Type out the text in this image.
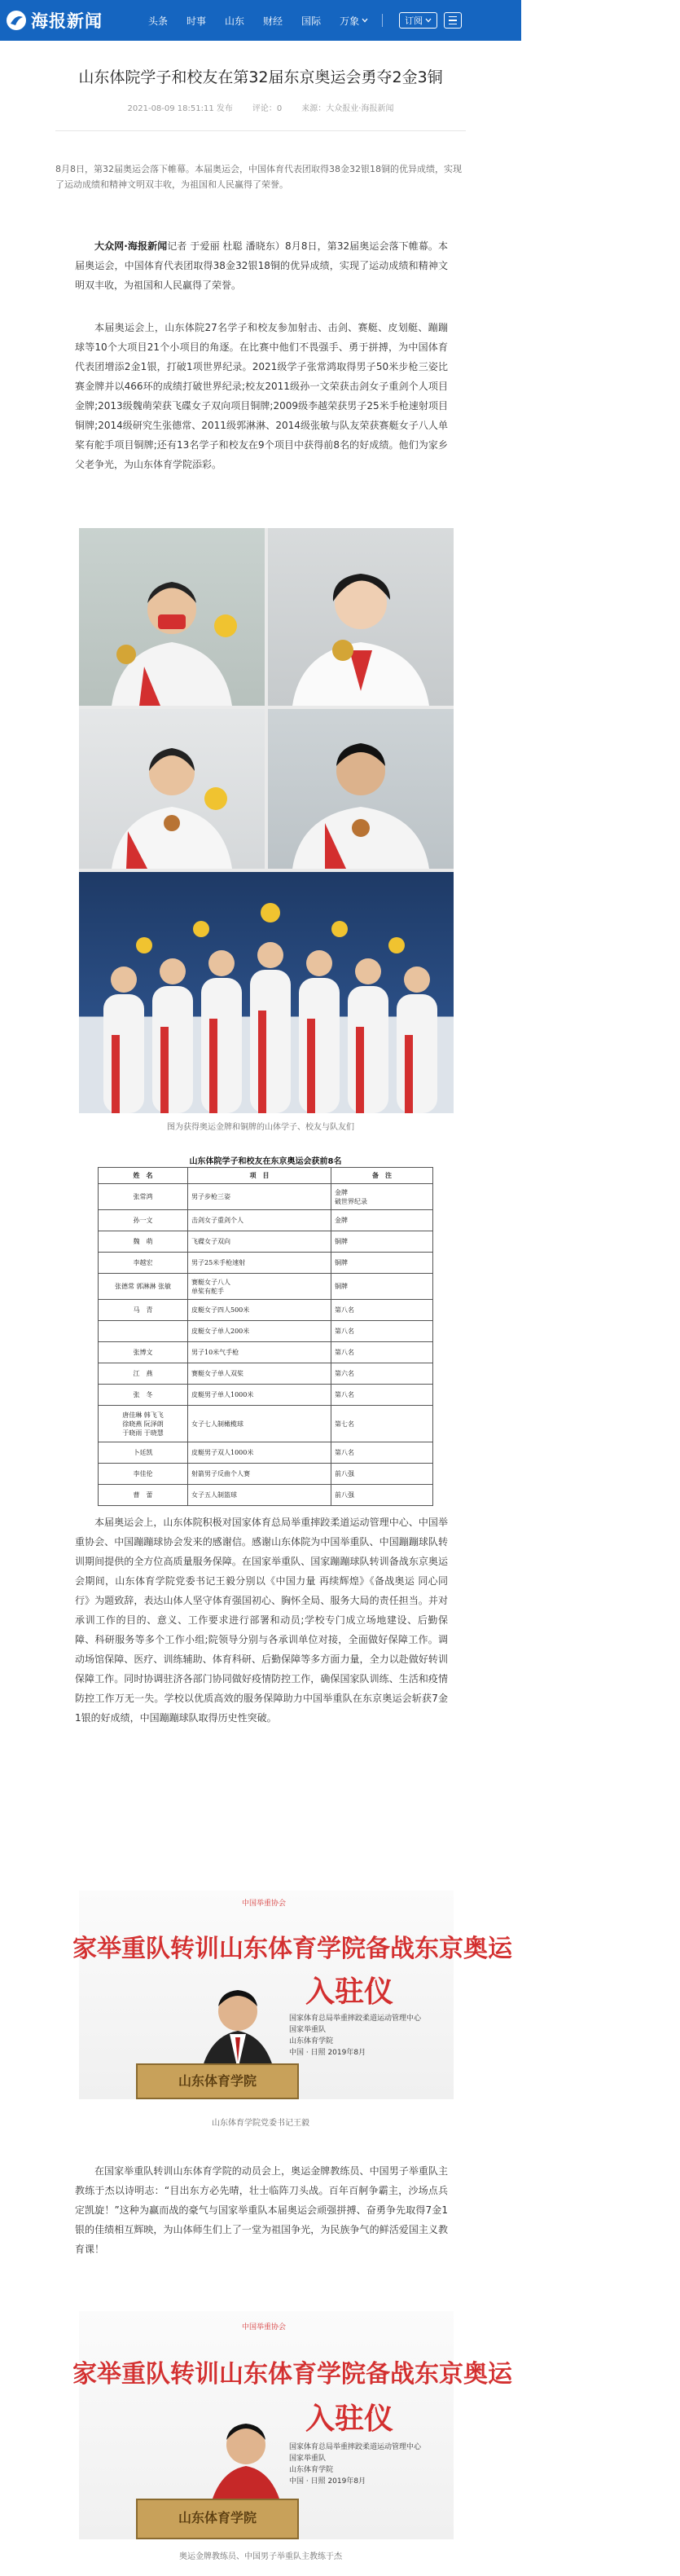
海报新闻	头条 时事 山东 财经 国际 万象	订阅
山东体院学子和校友在第32届东京奥运会勇夺2金3铜
2021-08-09 18:51:11 发布 评论：0 来源：大众报业·海报新闻
8月8日，第32届奥运会落下帷幕。本届奥运会，中国体育代表团取得38金32银18铜的优异成绩，实现了运动成绩和精神文明双丰收，为祖国和人民赢得了荣誉。
大众网·海报新闻记者 于爱丽 杜聪 潘晓东）8月8日，第32届奥运会落下帷幕。本届奥运会，中国体育代表团取得38金32银18铜的优异成绩，实现了运动成绩和精神文明双丰收，为祖国和人民赢得了荣誉。
本届奥运会上，山东体院27名学子和校友参加射击、击剑、赛艇、皮划艇、蹦蹦球等10个大项目21个小项目的角逐。在比赛中他们不畏强手、勇于拼搏，为中国体育代表团增添2金1银，打破1项世界纪录。2021级学子张常鸿取得男子50米步枪三姿比赛金牌并以466环的成绩打破世界纪录;校友2011级孙一文荣获击剑女子重剑个人项目金牌;2013级魏萌荣获飞碟女子双向项目铜牌;2009级李越荣获男子25米手枪速射项目铜牌;2014级研究生张德常、2011级郭淋淋、2014级张敏与队友荣获赛艇女子八人单桨有舵手项目铜牌;还有13名学子和校友在9个项目中获得前8名的好成绩。他们为家乡父老争光，为山东体育学院添彩。
图为获得奥运金牌和铜牌的山体学子、校友与队友们
山东体院学子和校友在东京奥运会获前8名
姓　名	项　目	备　注
张常鸿	男子步枪三姿	金牌
破世界纪录
孙一文	击剑女子重剑个人	金牌
魏　萌	飞碟女子双向	铜牌
李越宏	男子25米手枪速射	铜牌
张德常 郭淋淋 张敏	赛艇女子八人
单桨有舵手	铜牌
马　青	皮艇女子四人500米	第八名
	皮艇女子单人200米	第八名
张博文	男子10米气手枪	第八名
江　燕	赛艇女子单人双桨	第六名
张　冬	皮艇男子单人1000米	第八名
唐佳琳 韩飞飞
徐晓燕 阮泽朗
于晓雨 于晓慧	女子七人制橄榄球	第七名
卜廷凯	皮艇男子双人1000米	第八名
李佳伦	射箭男子反曲个人赛	前八强
曹　蕾	女子五人制篮球	前八强
本届奥运会上，山东体院积极对国家体育总局举重摔跤柔道运动管理中心、中国举重协会、中国蹦蹦球协会发来的感谢信。感谢山东体院为中国举重队、中国蹦蹦球队转训期间提供的全方位高质量服务保障。在国家举重队、国家蹦蹦球队转训备战东京奥运会期间，山东体育学院党委书记王毅分别以《中国力量 再续辉煌》《备战奥运 同心同行》为题致辞，表达山体人坚守体育强国初心、胸怀全局、服务大局的责任担当。并对承训工作的目的、意义、工作要求进行部署和动员;学校专门成立场地建设、后勤保障、科研服务等多个工作小组;院领导分别与各承训单位对接，全面做好保障工作。调动场馆保障、医疗、训练辅助、体育科研、后勤保障等多方面力量，全力以赴做好转训保障工作。同时协调驻济各部门协同做好疫情防控工作，确保国家队训练、生活和疫情防控工作万无一失。学校以优质高效的服务保障助力中国举重队在东京奥运会斩获7金1银的好成绩，中国蹦蹦球队取得历史性突破。
中国举重协会
家举重队转训山东体育学院备战东京奥运
入驻仪
国家体育总局举重摔跤柔道运动管理中心
国家举重队
山东体育学院
中国 · 日照 2019年8月
山东体育学院
山东体育学院党委书记王毅
在国家举重队转训山东体育学院的动员会上，奥运金牌教练员、中国男子举重队主教练于杰以诗明志：“目出东方必先晴，壮士临阵刀头战。百年百舸争霸主，沙场点兵定凯旋！”这种为赢而战的豪气与国家举重队本届奥运会顽强拼搏、奋勇争先取得7金1银的佳绩相互辉映，为山体师生们上了一堂为祖国争光，为民族争气的鲜活爱国主义教育课！
中国举重协会
家举重队转训山东体育学院备战东京奥运
入驻仪
国家体育总局举重摔跤柔道运动管理中心
国家举重队
山东体育学院
中国 · 日照 2019年8月
山东体育学院
奥运金牌教练员、中国男子举重队主教练于杰
